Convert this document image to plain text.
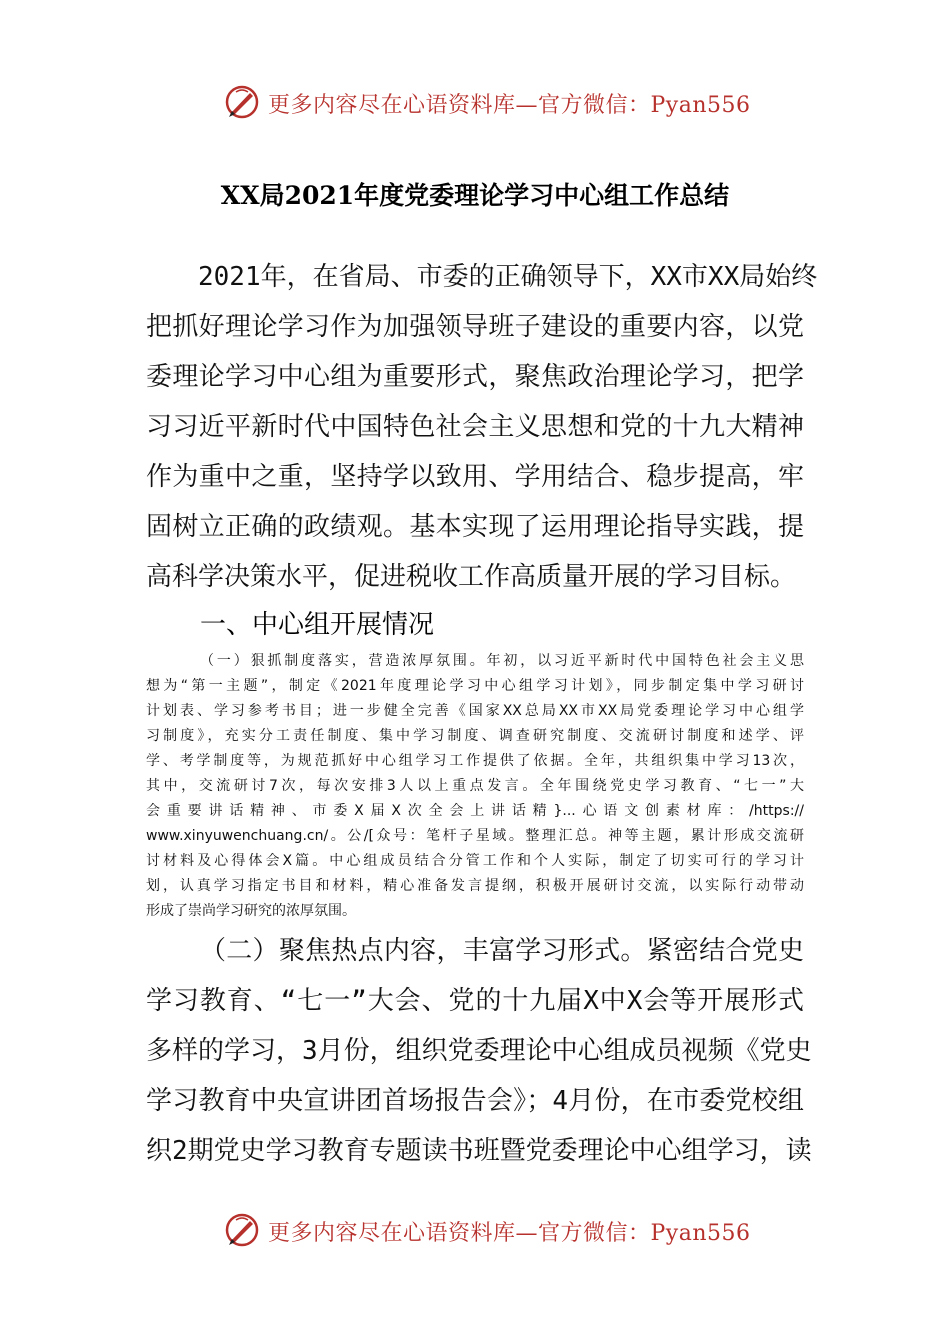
更多内容尽在心语资料库—官方微信：Pyan556
XX局2021年度党委理论学习中心组工作总结
2021年，在省局、市委的正确领导下，XX市XX局始终
把抓好理论学习作为加强领导班子建设的重要内容，以党
委理论学习中心组为重要形式，聚焦政治理论学习，把学
习习近平新时代中国特色社会主义思想和党的十九大精神
作为重中之重，坚持学以致用、学用结合、稳步提高，牢
固树立正确的政绩观。基本实现了运用理论指导实践，提
高科学决策水平，促进税收工作高质量开展的学习目标。
一、中心组开展情况
（一）狠抓制度落实，营造浓厚氛围。年初，以习近平新时代中国特色社会主义思
想为“第一主题”，制定《2021年度理论学习中心组学习计划》，同步制定集中学习研讨
计划表、学习参考书目；进一步健全完善《国家XX总局XX市XX局党委理论学习中心组学
习制度》，充实分工责任制度、集中学习制度、调查研究制度、交流研讨制度和述学、评
学、考学制度等，为规范抓好中心组学习工作提供了依据。全年，共组织集中学习13次，
其中，交流研讨7次，每次安排3人以上重点发言。全年围绕党史学习教育、“七一”大
会重要讲话精神、市委X届X次全会上讲话精}...心语文创素材库：/https://
www.xinyuwenchuang.cn/。公/[众号：笔杆子星域。整理汇总。神等主题，累计形成交流研
讨材料及心得体会X篇。中心组成员结合分管工作和个人实际，制定了切实可行的学习计
划，认真学习指定书目和材料，精心准备发言提纲，积极开展研讨交流，以实际行动带动
形成了崇尚学习研究的浓厚氛围。
（二）聚焦热点内容，丰富学习形式。紧密结合党史
学习教育、“七一”大会、党的十九届X中X会等开展形式
多样的学习，3月份，组织党委理论中心组成员视频《党史
学习教育中央宣讲团首场报告会》；4月份，在市委党校组
织2期党史学习教育专题读书班暨党委理论中心组学习，读
更多内容尽在心语资料库—官方微信：Pyan556
